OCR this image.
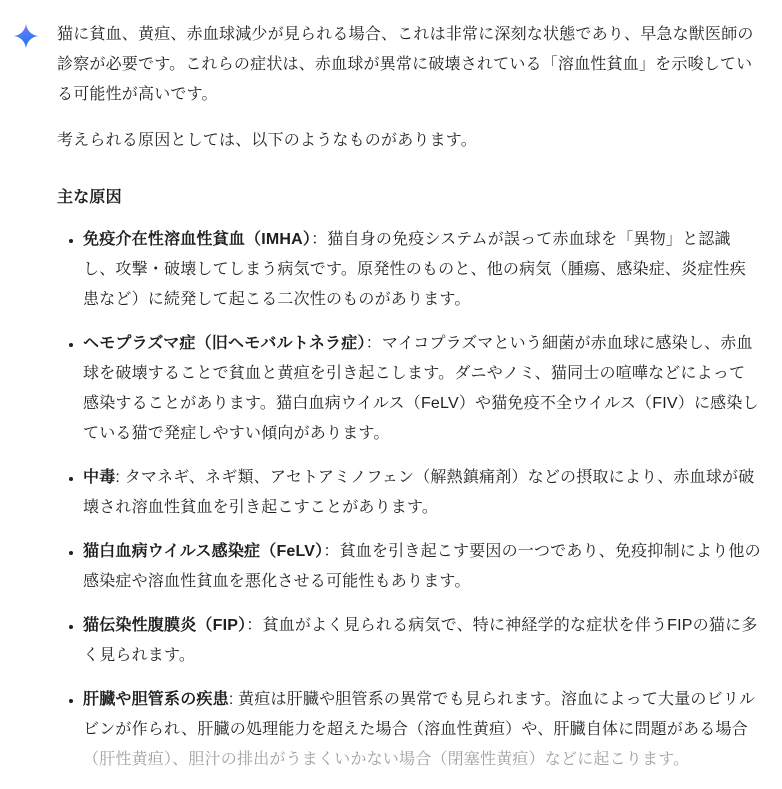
猫に貧血、黄疸、赤血球減少が見られる場合、これは非常に深刻な状態であり、早急な獣医師の診察が必要です。これらの症状は、赤血球が異常に破壊されている「溶血性貧血」を示唆している可能性が高いです。

考えられる原因としては、以下のようなものがあります。

主な原因
• 免疫介在性溶血性貧血（IMHA）：猫自身の免疫システムが誤って赤血球を「異物」と認識し、攻撃・破壊してしまう病気です。原発性のものと、他の病気（腫瘍、感染症、炎症性疾患など）に続発して起こる二次性のものがあります。
• ヘモプラズマ症（旧ヘモバルトネラ症）：マイコプラズマという細菌が赤血球に感染し、赤血球を破壊することで貧血と黄疸を引き起こします。ダニやノミ、猫同士の喧嘩などによって感染することがあります。猫白血病ウイルス（FeLV）や猫免疫不全ウイルス（FIV）に感染している猫で発症しやすい傾向があります。
• 中毒: タマネギ、ネギ類、アセトアミノフェン（解熱鎮痛剤）などの摂取により、赤血球が破壊され溶血性貧血を引き起こすことがあります。
• 猫白血病ウイルス感染症（FeLV）：貧血を引き起こす要因の一つであり、免疫抑制により他の感染症や溶血性貧血を悪化させる可能性もあります。
• 猫伝染性腹膜炎（FIP）：貧血がよく見られる病気で、特に神経学的な症状を伴うFIPの猫に多く見られます。
• 肝臓や胆管系の疾患: 黄疸は肝臓や胆管系の異常でも見られます。溶血によって大量のビリルビンが作られ、肝臓の処理能力を超えた場合（溶血性黄疸）や、肝臓自体に問題がある場合（肝性黄疸）、胆汁の排出がうまくいかない場合（閉塞性黄疸）などに起こります。
